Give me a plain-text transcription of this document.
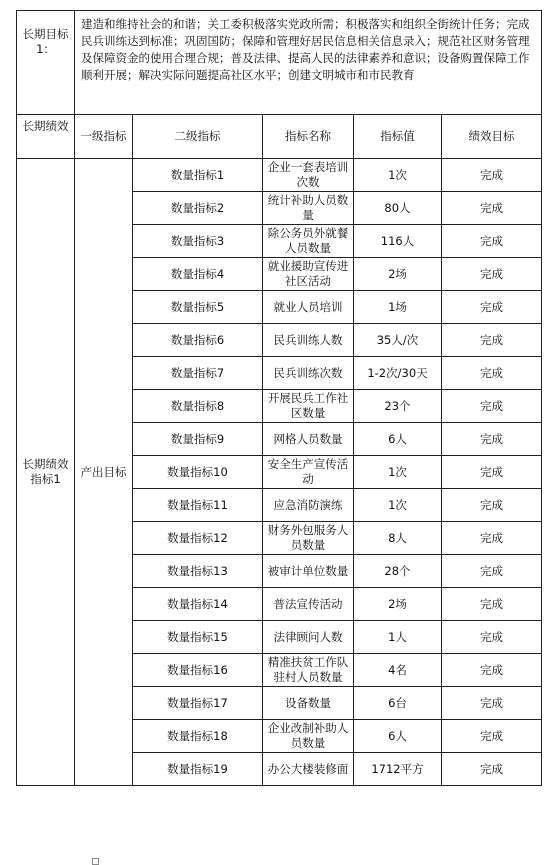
长期目标1：	建造和维持社会的和谐；关工委积极落实党政所需；积极落实和组织全街统计任务；完成民兵训练达到标准；巩固国防；保障和管理好居民信息相关信息录入；规范社区财务管理及保障资金的使用合理合规；普及法律、提高人民的法律素养和意识；设备购置保障工作顺利开展；解决实际问题提高社区水平；创建文明城市和市民教育				
长期绩效	一级指标	二级指标	指标名称	指标值	绩效目标
长期绩效指标1	产出目标	数量指标1	企业一套表培训次数	1次	完成
		数量指标2	统计补助人员数量	80人	完成
		数量指标3	除公务员外就餐人员数量	116人	完成
		数量指标4	就业援助宣传进社区活动	2场	完成
		数量指标5	就业人员培训	1场	完成
		数量指标6	民兵训练人数	35人/次	完成
		数量指标7	民兵训练次数	1-2次/30天	完成
		数量指标8	开展民兵工作社区数量	23个	完成
		数量指标9	网格人员数量	6人	完成
		数量指标10	安全生产宣传活动	1次	完成
		数量指标11	应急消防演练	1次	完成
		数量指标12	财务外包服务人员数量	8人	完成
		数量指标13	被审计单位数量	28个	完成
		数量指标14	普法宣传活动	2场	完成
		数量指标15	法律顾问人数	1人	完成
		数量指标16	精准扶贫工作队驻村人员数量	4名	完成
		数量指标17	设备数量	6台	完成
		数量指标18	企业改制补助人员数量	6人	完成
		数量指标19	办公大楼装修面	1712平方	完成
